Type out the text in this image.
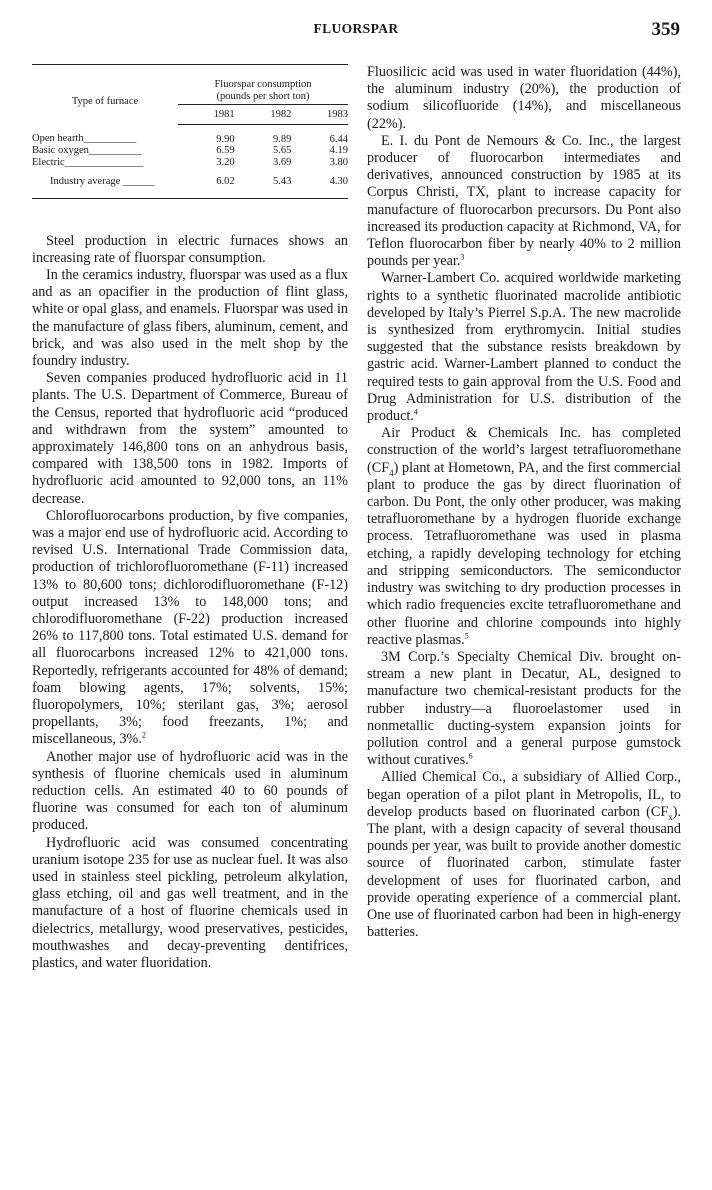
FLUORSPAR	359
Type of furnace	Fluorspar consumption
(pounds per short ton)		
	1981	1982	1983
Open hearth__________	9.90	9.89	6.44
Basic oxygen__________	6.59	5.65	4.19
Electric_______________	3.20	3.69	3.80
Industry average ______	6.02	5.43	4.30

Steel production in electric furnaces shows an increasing rate of fluorspar consumption.

In the ceramics industry, fluorspar was used as a flux and as an opacifier in the production of flint glass, white or opal glass, and enamels. Fluorspar was used in the manufacture of glass fibers, aluminum, cement, and brick, and was also used in the melt shop by the foundry industry.

Seven companies produced hydrofluoric acid in 11 plants. The U.S. Department of Commerce, Bureau of the Census, reported that hydrofluoric acid “produced and withdrawn from the system” amounted to approximately 146,800 tons on an anhydrous basis, compared with 138,500 tons in 1982. Imports of hydrofluoric acid amounted to 92,000 tons, an 11% decrease.

Chlorofluorocarbons production, by five companies, was a major end use of hydrofluoric acid. According to revised U.S. International Trade Commission data, production of trichlorofluoromethane (F-11) increased 13% to 80,600 tons; dichlorodifluoromethane (F-12) output increased 13% to 148,000 tons; and chlorodifluoromethane (F-22) production increased 26% to 117,800 tons. Total estimated U.S. demand for all fluorocarbons increased 12% to 421,000 tons. Reportedly, refrigerants accounted for 48% of demand; foam blowing agents, 17%; solvents, 15%; fluoropolymers, 10%; sterilant gas, 3%; aerosol propellants, 3%; food freezants, 1%; and miscellaneous, 3%.$^2$

Another major use of hydrofluoric acid was in the synthesis of fluorine chemicals used in aluminum reduction cells. An estimated 40 to 60 pounds of fluorine was consumed for each ton of aluminum produced.

Hydrofluoric acid was consumed concentrating uranium isotope 235 for use as nuclear fuel. It was also used in stainless steel pickling, petroleum alkylation, glass etching, oil and gas well treatment, and in the manufacture of a host of fluorine chemicals used in dielectrics, metallurgy, wood preservatives, pesticides, mouthwashes and decay-preventing dentifrices, plastics, and water fluoridation.

Fluosilicic acid was used in water fluoridation (44%), the aluminum industry (20%), the production of sodium silicofluoride (14%), and miscellaneous (22%).

E. I. du Pont de Nemours & Co. Inc., the largest producer of fluorocarbon intermediates and derivatives, announced construction by 1985 at its Corpus Christi, TX, plant to increase capacity for manufacture of fluorocarbon precursors. Du Pont also increased its production capacity at Richmond, VA, for Teflon fluorocarbon fiber by nearly 40% to 2 million pounds per year.$^3$

Warner-Lambert Co. acquired worldwide marketing rights to a synthetic fluorinated macrolide antibiotic developed by Italy’s Pierrel S.p.A. The new macrolide is synthesized from erythromycin. Initial studies suggested that the substance resists breakdown by gastric acid. Warner-Lambert planned to conduct the required tests to gain approval from the U.S. Food and Drug Administration for U.S. distribution of the product.$^4$

Air Product & Chemicals Inc. has completed construction of the world’s largest tetrafluoromethane $(CF_4)$ plant at Hometown, PA, and the first commercial plant to produce the gas by direct fluorination of carbon. Du Pont, the only other producer, was making tetrafluoromethane by a hydrogen fluoride exchange process. Tetrafluoromethane was used in plasma etching, a rapidly developing technology for etching and stripping semiconductors. The semiconductor industry was switching to dry production processes in which radio frequencies excite tetrafluoromethane and other fluorine and chlorine compounds into highly reactive plasmas.$^5$

3M Corp.’s Specialty Chemical Div. brought on-stream a new plant in Decatur, AL, designed to manufacture two chemical-resistant products for the rubber industry—a fluoroelastomer used in nonmetallic ducting-system expansion joints for pollution control and a general purpose gumstock without curatives.$^6$

Allied Chemical Co., a subsidiary of Allied Corp., began operation of a pilot plant in Metropolis, IL, to develop products based on fluorinated carbon $(CF_x)$. The plant, with a design capacity of several thousand pounds per year, was built to provide another domestic source of fluorinated carbon, stimulate faster development of uses for fluorinated carbon, and provide operating experience of a commercial plant. One use of fluorinated carbon had been in high-energy batteries.
